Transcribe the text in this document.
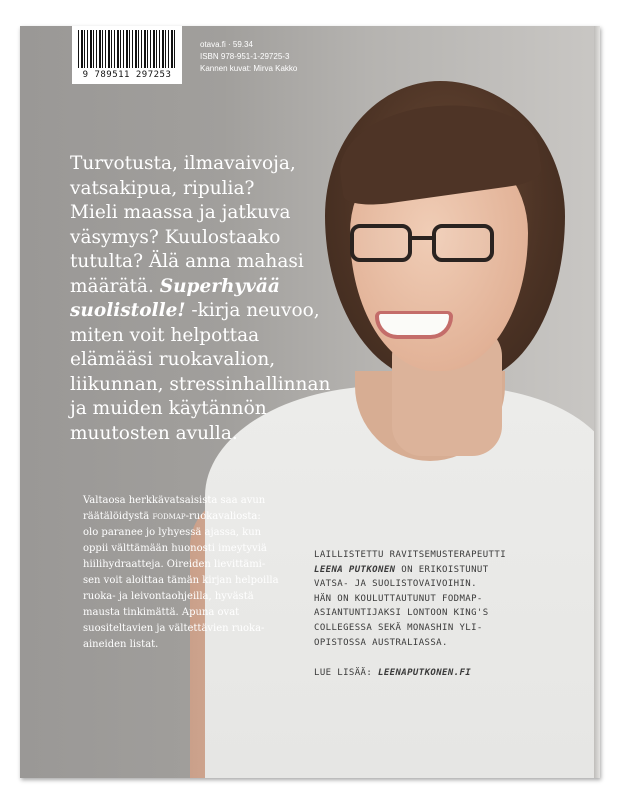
9 789511 297253
otava.fi · 59.34
ISBN 978-951-1-29725-3
Kannen kuvat: Mirva Kakko
Turvotusta, ilmavaivoja,
vatsakipua, ripulia?
Mieli maassa ja jatkuva
väsymys? Kuulostaako
tutulta? Älä anna mahasi
määrätä. Superhyvää
suolistolle! -kirja neuvoo,
miten voit helpottaa
elämääsi ruokavalion,
liikunnan, stressinhallinnan
ja muiden käytännön
muutosten avulla.
Valtaosa herkkävatsaisista saa avun
räätälöidystä fodmap-ruokavaliosta:
olo paranee jo lyhyessä ajassa, kun
oppii välttämään huonosti imeytyviä
hiilihydraatteja. Oireiden lievittämi-
sen voit aloittaa tämän kirjan helpoilla
ruoka- ja leivontaohjeilla, hyvästä
mausta tinkimättä. Apuna ovat
suositeltavien ja vältettävien ruoka-
aineiden listat.
LAILLISTETTU RAVITSEMUSTERAPEUTTI
LEENA PUTKONEN ON ERIKOISTUNUT
VATSA- JA SUOLISTOVAIVOIHIN.
HÄN ON KOULUTTAUTUNUT FODMAP-
ASIANTUNTIJAKSI LONTOON KING'S
COLLEGESSA SEKÄ MONASHIN YLI-
OPISTOSSA AUSTRALIASSA.
LUE LISÄÄ: LEENAPUTKONEN.FI
